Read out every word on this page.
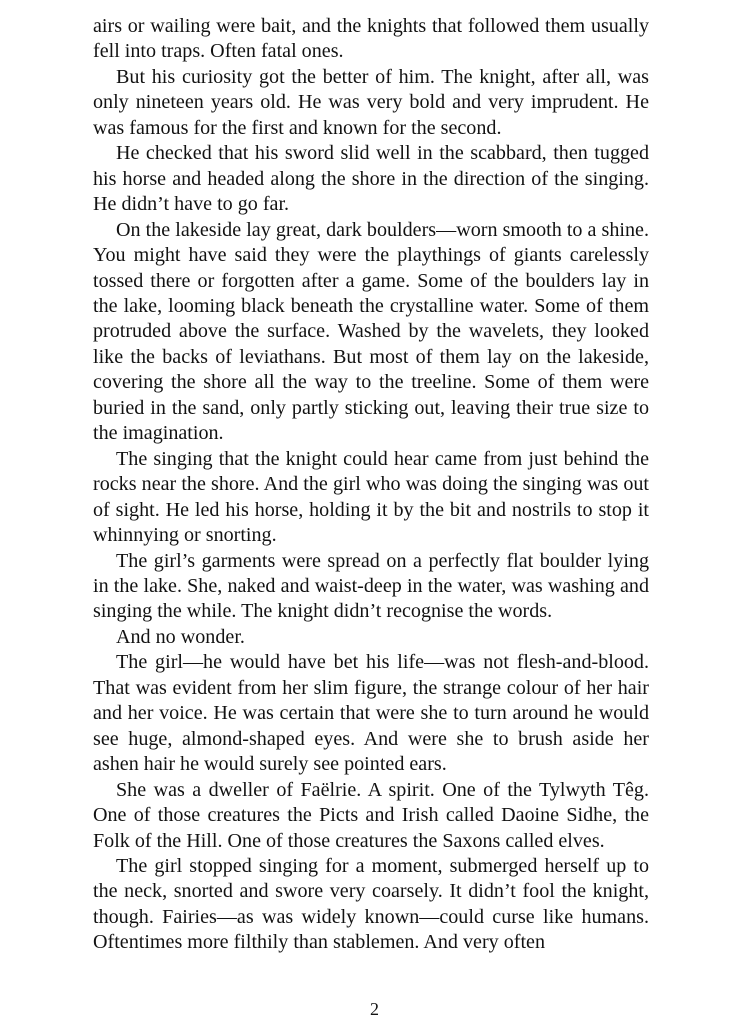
airs or wailing were bait, and the knights that followed them usually fell into traps. Often fatal ones.

But his curiosity got the better of him. The knight, after all, was only nineteen years old. He was very bold and very imprudent. He was famous for the first and known for the second.

He checked that his sword slid well in the scabbard, then tugged his horse and headed along the shore in the direction of the singing. He didn’t have to go far.

On the lakeside lay great, dark boulders—worn smooth to a shine. You might have said they were the playthings of giants carelessly tossed there or forgotten after a game. Some of the boulders lay in the lake, looming black beneath the crystalline water. Some of them protruded above the surface. Washed by the wavelets, they looked like the backs of leviathans. But most of them lay on the lakeside, covering the shore all the way to the treeline. Some of them were buried in the sand, only partly sticking out, leaving their true size to the imagination.

The singing that the knight could hear came from just behind the rocks near the shore. And the girl who was doing the singing was out of sight. He led his horse, holding it by the bit and nostrils to stop it whinnying or snorting.

The girl’s garments were spread on a perfectly flat boulder lying in the lake. She, naked and waist-deep in the water, was washing and singing the while. The knight didn’t recognise the words.

And no wonder.

The girl—he would have bet his life—was not flesh-and-blood. That was evident from her slim figure, the strange colour of her hair and her voice. He was certain that were she to turn around he would see huge, almond-shaped eyes. And were she to brush aside her ashen hair he would surely see pointed ears.

She was a dweller of Faëlrie. A spirit. One of the Tylwyth Têg. One of those creatures the Picts and Irish called Daoine Sidhe, the Folk of the Hill. One of those creatures the Saxons called elves.

The girl stopped singing for a moment, submerged herself up to the neck, snorted and swore very coarsely. It didn’t fool the knight, though. Fairies—as was widely known—could curse like humans. Oftentimes more filthily than stablemen. And very often

2
